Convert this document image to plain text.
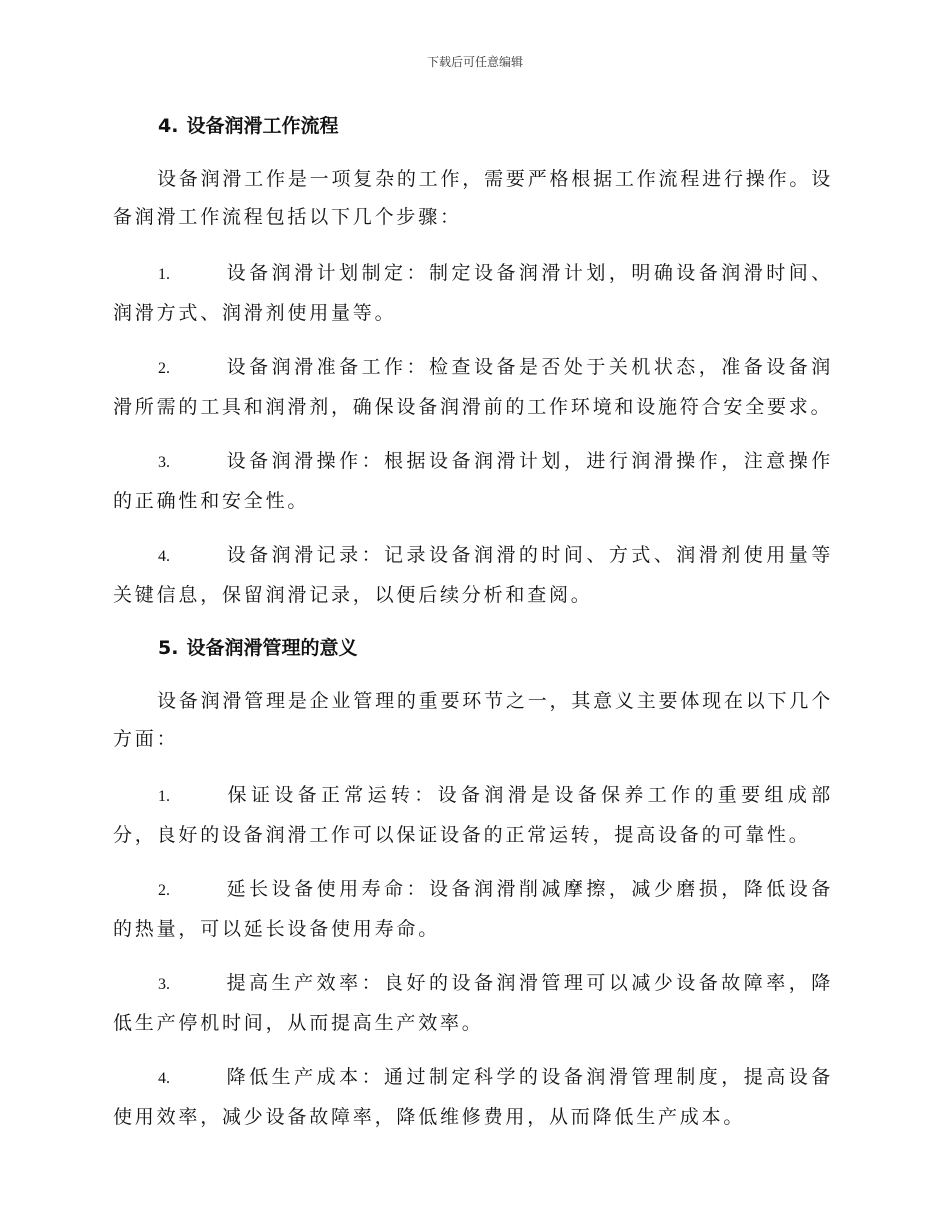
下载后可任意编辑
4. 设备润滑工作流程

设备润滑工作是一项复杂的工作，需要严格根据工作流程进行操作。设备润滑工作流程包括以下几个步骤：

1.	设备润滑计划制定：制定设备润滑计划，明确设备润滑时间、润滑方式、润滑剂使用量等。

2.	设备润滑准备工作：检查设备是否处于关机状态，准备设备润滑所需的工具和润滑剂，确保设备润滑前的工作环境和设施符合安全要求。

3.	设备润滑操作：根据设备润滑计划，进行润滑操作，注意操作的正确性和安全性。

4.	设备润滑记录：记录设备润滑的时间、方式、润滑剂使用量等关键信息，保留润滑记录，以便后续分析和查阅。

5. 设备润滑管理的意义

设备润滑管理是企业管理的重要环节之一，其意义主要体现在以下几个方面：

1.	保证设备正常运转：设备润滑是设备保养工作的重要组成部分，良好的设备润滑工作可以保证设备的正常运转，提高设备的可靠性。

2.	延长设备使用寿命：设备润滑削减摩擦，减少磨损，降低设备的热量，可以延长设备使用寿命。

3.	提高生产效率：良好的设备润滑管理可以减少设备故障率，降低生产停机时间，从而提高生产效率。

4.	降低生产成本：通过制定科学的设备润滑管理制度，提高设备使用效率，减少设备故障率，降低维修费用，从而降低生产成本。
